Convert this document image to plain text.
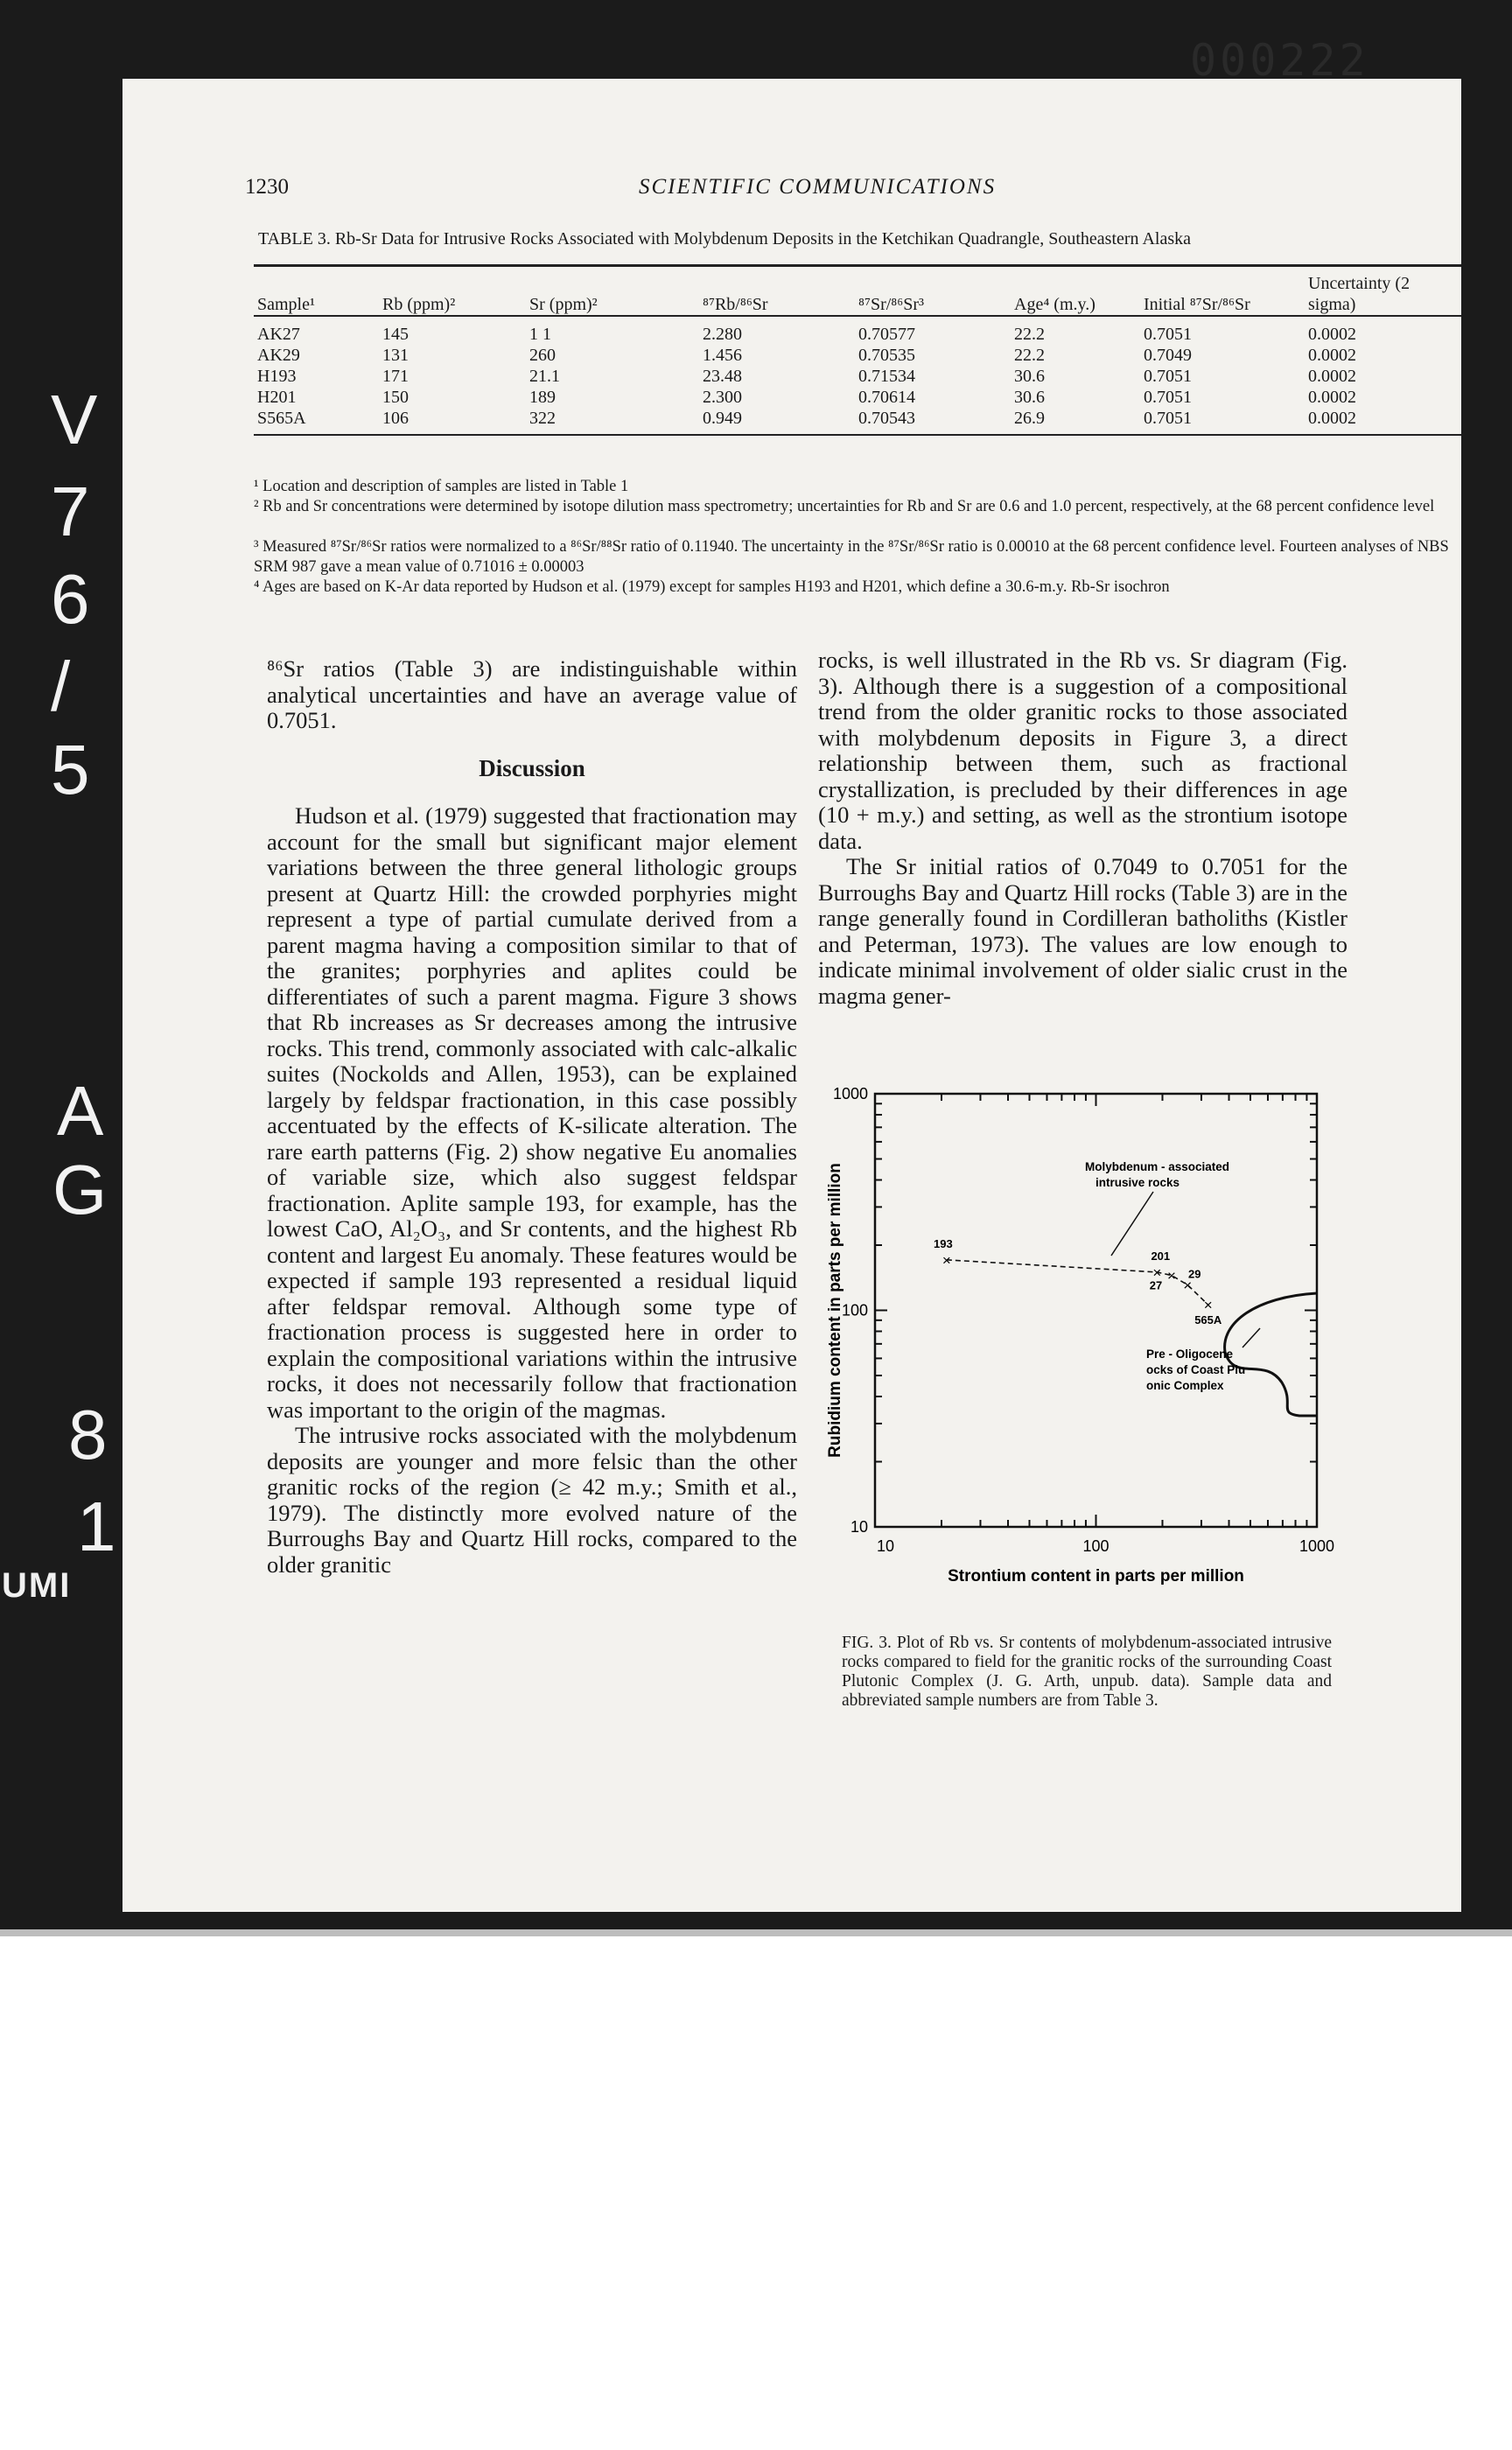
V
7
6
/
5
A
G
8
1
UMI
000222
1230	SCIENTIFIC COMMUNICATIONS
TABLE 3. Rb-Sr Data for Intrusive Rocks Associated with Molybdenum Deposits in the Ketchikan Quadrangle, Southeastern Alaska
Sample¹	Rb (ppm)²	Sr (ppm)²	⁸⁷Rb/⁸⁶Sr	⁸⁷Sr/⁸⁶Sr³	Age⁴ (m.y.)	Initial ⁸⁷Sr/⁸⁶Sr	Uncertainty (2 sigma)

AK27	145	1 1	2.280	0.70577	22.2	0.7051	0.0002
AK29	131	260	1.456	0.70535	22.2	0.7049	0.0002
H193	171	21.1	23.48	0.71534	30.6	0.7051	0.0002
H201	150	189	2.300	0.70614	30.6	0.7051	0.0002
S565A	106	322	0.949	0.70543	26.9	0.7051	0.0002

¹ Location and description of samples are listed in Table 1
² Rb and Sr concentrations were determined by isotope dilution mass spectrometry; uncertainties for Rb and Sr are 0.6 and 1.0 percent, respectively, at the 68 percent confidence level
³ Measured ⁸⁷Sr/⁸⁶Sr ratios were normalized to a ⁸⁶Sr/⁸⁸Sr ratio of 0.11940. The uncertainty in the ⁸⁷Sr/⁸⁶Sr ratio is 0.00010 at the 68 percent confidence level. Fourteen analyses of NBS SRM 987 gave a mean value of 0.71016 ± 0.00003
⁴ Ages are based on K-Ar data reported by Hudson et al. (1979) except for samples H193 and H201, which define a 30.6-m.y. Rb-Sr isochron

⁸⁶Sr ratios (Table 3) are indistinguishable within analytical uncertainties and have an average value of 0.7051.

Discussion

Hudson et al. (1979) suggested that fractionation may account for the small but significant major element variations between the three general lithologic groups present at Quartz Hill: the crowded porphyries might represent a type of partial cumulate derived from a parent magma having a composition similar to that of the granites; porphyries and aplites could be differentiates of such a parent magma. Figure 3 shows that Rb increases as Sr decreases among the intrusive rocks. This trend, commonly associated with calc-alkalic suites (Nockolds and Allen, 1953), can be explained largely by feldspar fractionation, in this case possibly accentuated by the effects of K-silicate alteration. The rare earth patterns (Fig. 2) show negative Eu anomalies of variable size, which also suggest feldspar fractionation. Aplite sample 193, for example, has the lowest CaO, Al₂O₃, and Sr contents, and the highest Rb content and largest Eu anomaly. These features would be expected if sample 193 represented a residual liquid after feldspar removal. Although some type of fractionation process is suggested here in order to explain the compositional variations within the intrusive rocks, it does not necessarily follow that fractionation was important to the origin of the magmas.

The intrusive rocks associated with the molybdenum deposits are younger and more felsic than the other granitic rocks of the region (≥ 42 m.y.; Smith et al., 1979). The distinctly more evolved nature of the Burroughs Bay and Quartz Hill rocks, compared to the older granitic

rocks, is well illustrated in the Rb vs. Sr diagram (Fig. 3). Although there is a suggestion of a compositional trend from the older granitic rocks to those associated with molybdenum deposits in Figure 3, a direct relationship between them, such as fractional crystallization, is precluded by their differences in age (10 + m.y.) and setting, as well as the strontium isotope data.

The Sr initial ratios of 0.7049 to 0.7051 for the Burroughs Bay and Quartz Hill rocks (Table 3) are in the range generally found in Cordilleran batholiths (Kistler and Peterman, 1973). The values are low enough to indicate minimal involvement of older sialic crust in the magma gener-

10	100	1000
1000
100
10
Strontium content in parts per million
Rubidium content in parts per million	×
193
×
201
×
29
×
27
×
565A
Molybdenum - associated
intrusive rocks
Pre - Oligocene
ocks of Coast Plu
onic Complex
FIG. 3. Plot of Rb vs. Sr contents of molybdenum-associated intrusive rocks compared to field for the granitic rocks of the surrounding Coast Plutonic Complex (J. G. Arth, unpub. data). Sample data and abbreviated sample numbers are from Table 3.
